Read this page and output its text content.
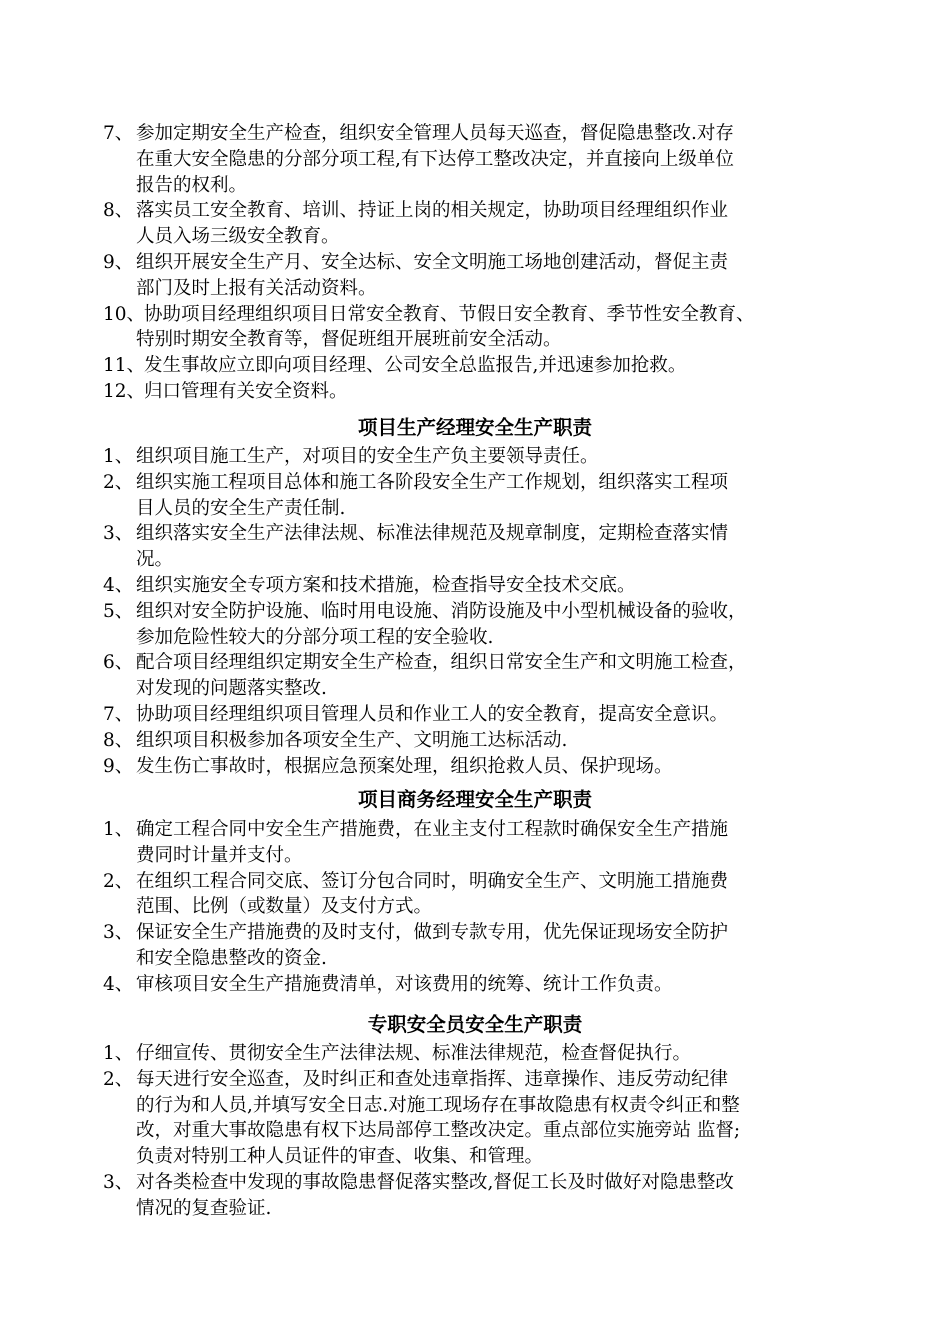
7、 参加定期安全生产检查，组织安全管理人员每天巡查，督促隐患整改.对存
在重大安全隐患的分部分项工程,有下达停工整改决定，并直接向上级单位
报告的权利。
8、 落实员工安全教育、培训、持证上岗的相关规定，协助项目经理组织作业
人员入场三级安全教育。
9、 组织开展安全生产月、安全达标、安全文明施工场地创建活动，督促主责
部门及时上报有关活动资料。
10、
协助项目经理组织项目日常安全教育、节假日安全教育、季节性安全教育、
特别时期安全教育等，督促班组开展班前安全活动。
11、
发生事故应立即向项目经理、公司安全总监报告,并迅速参加抢救。
12、
归口管理有关安全资料。
项目生产经理安全生产职责
1、 组织项目施工生产，对项目的安全生产负主要领导责任。
2、 组织实施工程项目总体和施工各阶段安全生产工作规划，组织落实工程项
目人员的安全生产责任制.
3、 组织落实安全生产法律法规、标准法律规范及规章制度，定期检查落实情
况。
4、 组织实施安全专项方案和技术措施，检查指导安全技术交底。
5、 组织对安全防护设施、临时用电设施、消防设施及中小型机械设备的验收，
参加危险性较大的分部分项工程的安全验收.
6、 配合项目经理组织定期安全生产检查，组织日常安全生产和文明施工检查，
对发现的问题落实整改.
7、 协助项目经理组织项目管理人员和作业工人的安全教育，提高安全意识。
8、 组织项目积极参加各项安全生产、文明施工达标活动.
9、 发生伤亡事故时，根据应急预案处理，组织抢救人员、保护现场。
项目商务经理安全生产职责
1、 确定工程合同中安全生产措施费，在业主支付工程款时确保安全生产措施
费同时计量并支付。
2、 在组织工程合同交底、签订分包合同时，明确安全生产、文明施工措施费
范围、比例（或数量）及支付方式。
3、 保证安全生产措施费的及时支付，做到专款专用，优先保证现场安全防护
和安全隐患整改的资金.
4、 审核项目安全生产措施费清单，对该费用的统筹、统计工作负责。
专职安全员安全生产职责
1、 仔细宣传、贯彻安全生产法律法规、标准法律规范，检查督促执行。
2、 每天进行安全巡查，及时纠正和查处违章指挥、违章操作、违反劳动纪律
的行为和人员,并填写安全日志.对施工现场存在事故隐患有权责令纠正和整
改，对重大事故隐患有权下达局部停工整改决定。重点部位实施旁站 监督;
负责对特别工种人员证件的审查、收集、和管理。
3、 对各类检查中发现的事故隐患督促落实整改,督促工长及时做好对隐患整改
情况的复查验证.
